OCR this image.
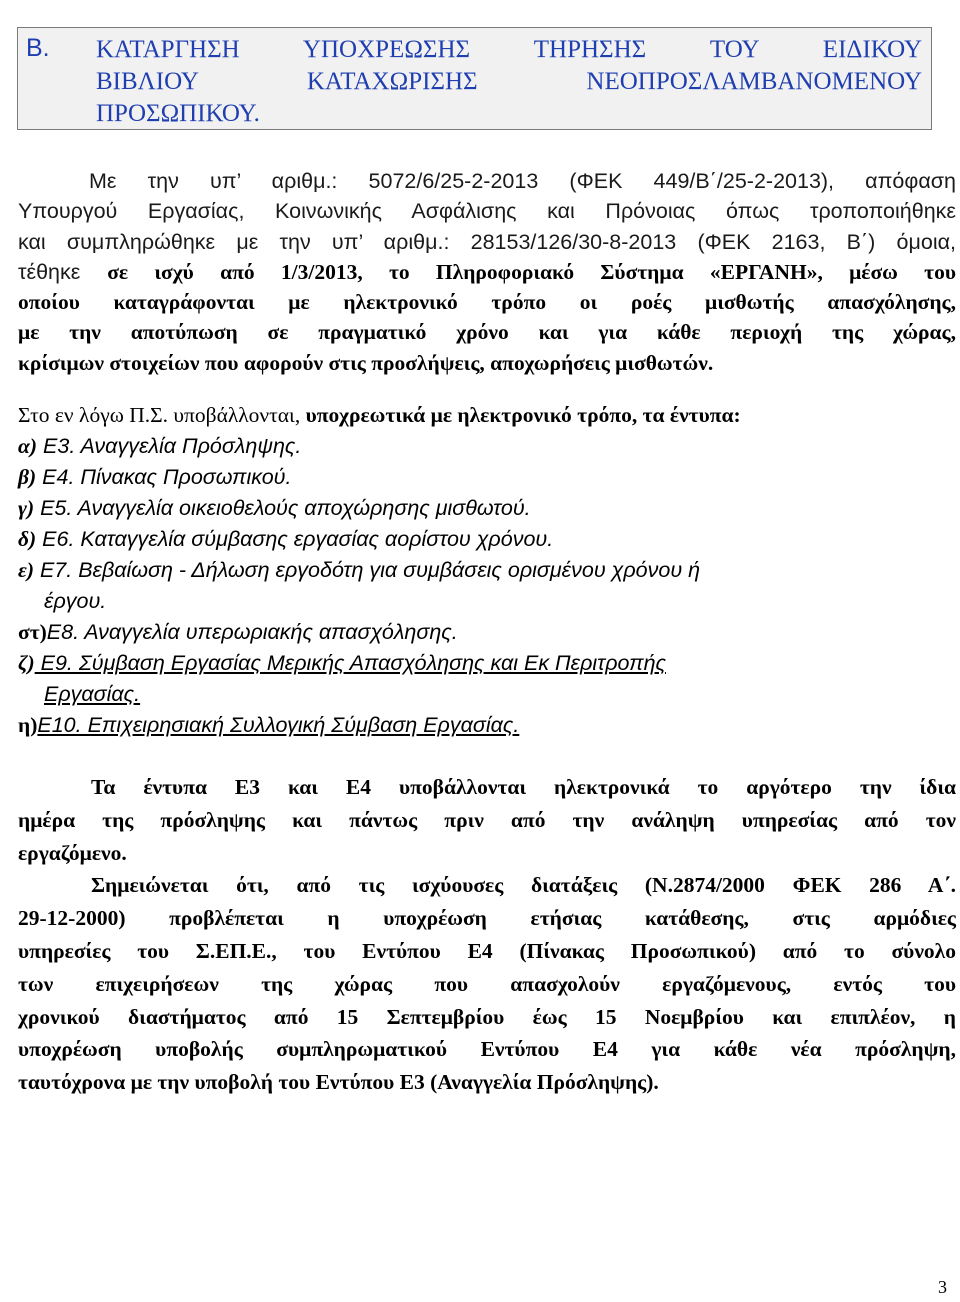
Β. ΚΑΤΑΡΓΗΣΗ ΥΠΟΧΡΕΩΣΗΣ ΤΗΡΗΣΗΣ ΤΟΥ ΕΙΔΙΚΟΥ
ΒΙΒΛΙΟΥ ΚΑΤΑΧΩΡΙΣΗΣ ΝΕΟΠΡΟΣΛΑΜΒΑΝΟΜΕΝΟΥ
ΠΡΟΣΩΠΙΚΟΥ.
Με την υπ’ αριθμ.: 5072/6/25-2-2013 (ΦΕΚ 449/Β΄/25-2-2013), απόφαση
Υπουργού Εργασίας, Κοινωνικής Ασφάλισης και Πρόνοιας όπως τροποποιήθηκε
και συμπληρώθηκε με την υπ’ αριθμ.: 28153/126/30-8-2013 (ΦΕΚ 2163, Β΄) όμοια,
τέθηκε σε ισχύ από 1/3/2013, το Πληροφοριακό Σύστημα «ΕΡΓΑΝΗ», μέσω του
οποίου καταγράφονται με ηλεκτρονικό τρόπο οι ροές μισθωτής απασχόλησης,
με την αποτύπωση σε πραγματικό χρόνο και για κάθε περιοχή της χώρας,
κρίσιμων στοιχείων που αφορούν στις προσλήψεις, αποχωρήσεις μισθωτών.
Στο εν λόγω Π.Σ. υποβάλλονται, υποχρεωτικά με ηλεκτρονικό τρόπο, τα έντυπα:
α) Ε3. Αναγγελία Πρόσληψης.
β) Ε4. Πίνακας Προσωπικού.
γ) Ε5. Αναγγελία οικειοθελούς αποχώρησης μισθωτού.
δ) Ε6. Καταγγελία σύμβασης εργασίας αορίστου χρόνου.
ε) Ε7. Βεβαίωση - Δήλωση εργοδότη για συμβάσεις ορισμένου χρόνου ή
έργου.
στ)Ε8. Αναγγελία υπερωριακής απασχόλησης.
ζ) Ε9. Σύμβαση Εργασίας Μερικής Απασχόλησης και Εκ Περιτροπής
Εργασίας.
η)Ε10. Επιχειρησιακή Συλλογική Σύμβαση Εργασίας.
Τα έντυπα Ε3 και Ε4 υποβάλλονται ηλεκτρονικά το αργότερο την ίδια
ημέρα της πρόσληψης και πάντως πριν από την ανάληψη υπηρεσίας από τον
εργαζόμενο.
Σημειώνεται ότι, από τις ισχύουσες διατάξεις (Ν.2874/2000 ΦΕΚ 286 Α΄.
29-12-2000) προβλέπεται η υποχρέωση ετήσιας κατάθεσης, στις αρμόδιες
υπηρεσίες του Σ.ΕΠ.Ε., του Εντύπου Ε4 (Πίνακας Προσωπικού) από το σύνολο
των επιχειρήσεων της χώρας που απασχολούν εργαζόμενους, εντός του
χρονικού διαστήματος από 15 Σεπτεμβρίου έως 15 Νοεμβρίου και επιπλέον, η
υποχρέωση υποβολής συμπληρωματικού Εντύπου Ε4 για κάθε νέα πρόσληψη,
ταυτόχρονα με την υποβολή του Εντύπου Ε3 (Αναγγελία Πρόσληψης).
3
